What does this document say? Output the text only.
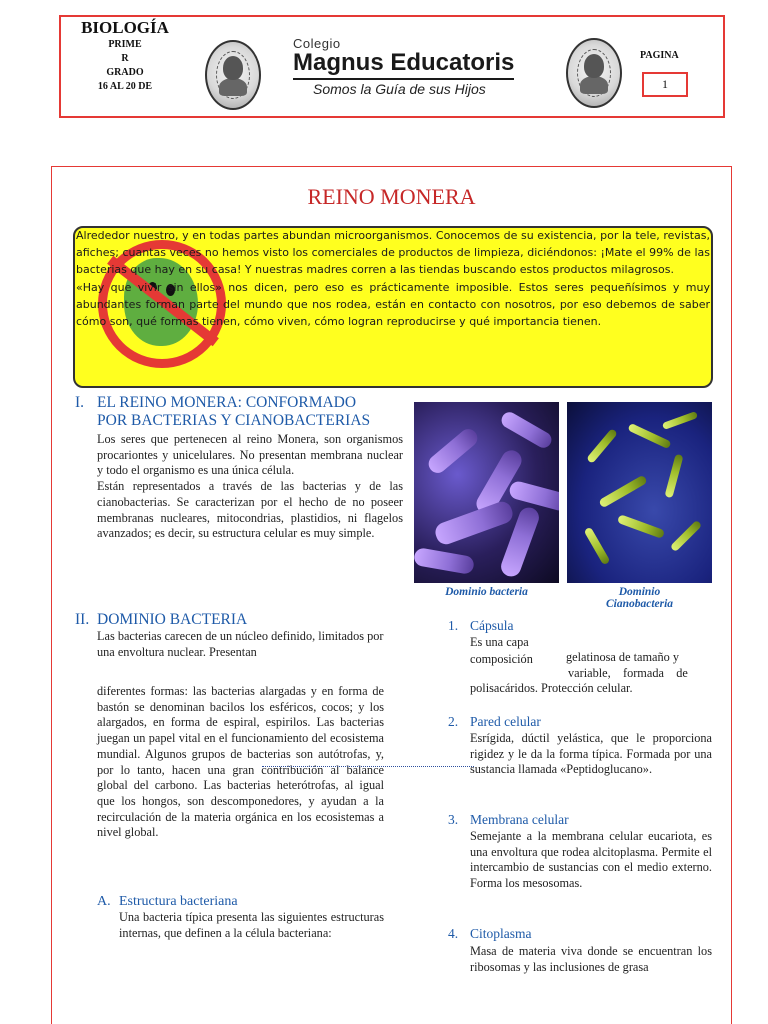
BIOLOGÍA
PRIME
R
GRADO
16 AL 20 DE
Colegio
Magnus Educatoris
Somos la Guía de sus Hijos
PAGINA
1
REINO MONERA

Alrededor nuestro, y en todas partes abundan microorganismos. Conocemos de su existencia, por la tele, revistas, afiches; cuantas veces no hemos visto los comerciales de productos de limpieza, diciéndonos: ¡Mate el 99% de las bacterias que hay en su casa! Y nuestras madres corren a las tiendas buscando estos productos milagrosos.

«Hay que vivir sin ellos» nos dicen, pero eso es prácticamente imposible. Estos seres pequeñísimos y muy abundantes forman parte del mundo que nos rodea, están en contacto con nosotros, por eso debemos de saber cómo son, qué formas tienen, cómo viven, cómo logran reproducirse y qué importancia tienen.

I. EL REINO MONERA: CONFORMADO
POR BACTERIAS Y CIANOBACTERIAS

Los seres que pertenecen al reino Monera, son organismos procariontes y unicelulares. No presentan membrana nuclear y todo el organismo es una única célula.

Están representados a través de las bacterias y de las cianobacterias. Se caracterizan por el hecho de no poseer membranas nucleares, mitocondrias, plastidios, ni flagelos avanzados; es decir, su estructura celular es muy simple.

Dominio bacteria	Dominio
Cianobacteria
II. DOMINIO BACTERIA
Las bacterias carecen de un núcleo definido, limitados por una envoltura nuclear. Presentan
diferentes formas: las bacterias alargadas y en forma de bastón se denominan bacilos los esféricos, cocos; y los alargados, en forma de espiral, espirilos. Las bacterias juegan un papel vital en el funcionamiento del ecosistema mundial. Algunos grupos de bacterias son autótrofas, y, por lo tanto, hacen una gran contribución al balance global del carbono. Las bacterias heterótrofas, al igual que los hongos, son descomponedores, y ayudan a la recirculación de la materia orgánica en los ecosistemas a nivel global.
A. Estructura bacteriana
Una bacteria típica presenta las siguientes estructuras internas, que definen a la célula bacteriana:
1. Cápsula
Es una capa
composición	gelatinosa de tamaño y
variable,    formada    de
polisacáridos. Protección celular.
2. Pared celular
Esrígida, dúctil yelástica, que le proporciona rigidez y le da la forma típica. Formada por una sustancia llamada «Peptidoglucano».
3. Membrana celular
Semejante a la membrana celular eucariota, es una envoltura que rodea alcitoplasma. Permite el intercambio de sustancias con el medio externo. Forma los mesosomas.
4. Citoplasma
Masa de materia viva donde se encuentran los ribosomas y las inclusiones de grasa
